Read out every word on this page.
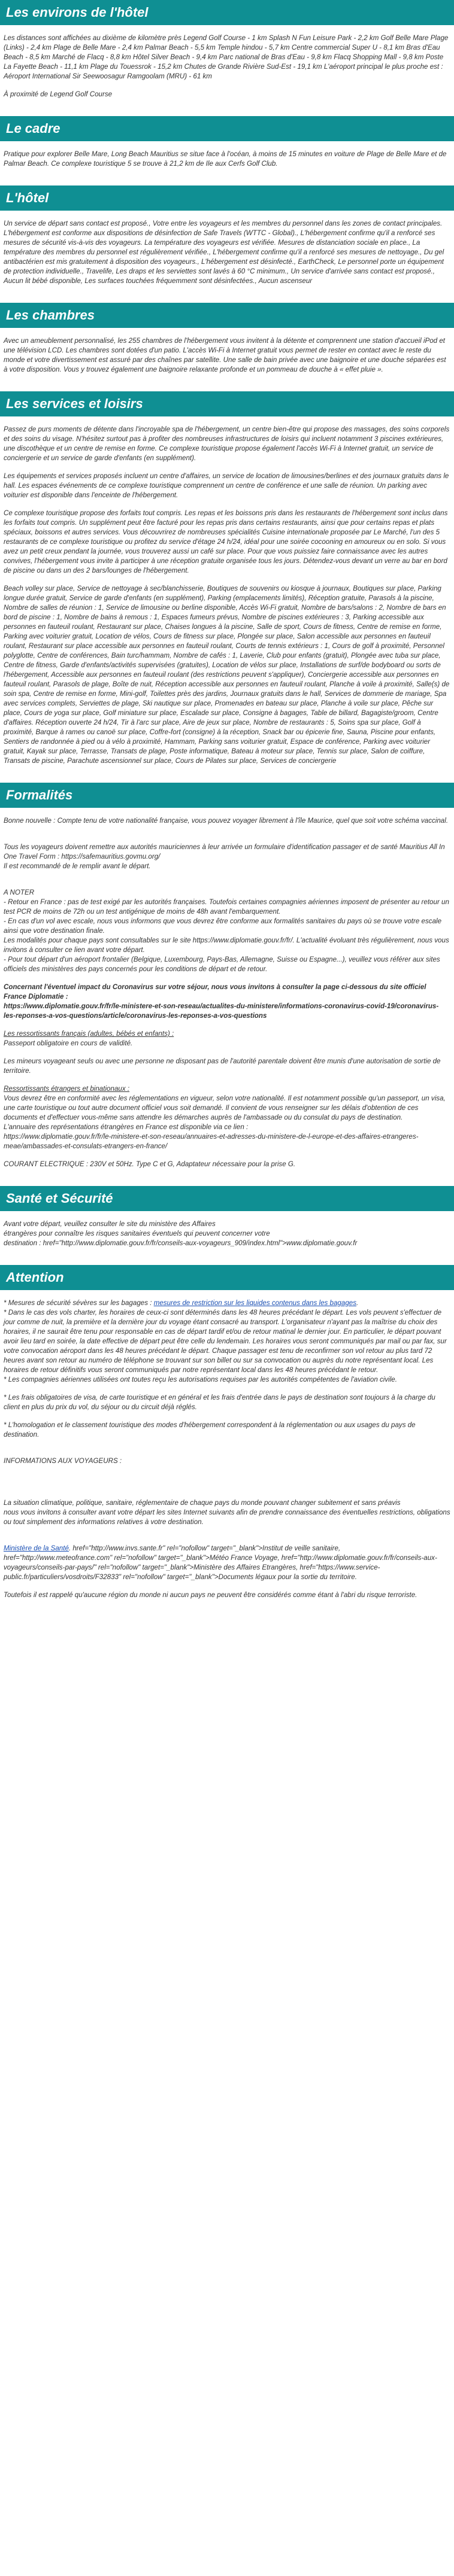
Les environs de l'hôtel

Les distances sont affichées au dixième de kilomètre près Legend Golf Course - 1 km Splash N Fun Leisure Park - 2,2 km Golf Belle Mare Plage (Links) - 2,4 km Plage de Belle Mare - 2,4 km Palmar Beach - 5,5 km Temple hindou - 5,7 km Centre commercial Super U - 8,1 km Bras d'Eau Beach - 8,5 km Marché de Flacq - 8,8 km Hôtel Silver Beach - 9,4 km Parc national de Bras d'Eau - 9,8 km Flacq Shopping Mall - 9,8 km Poste La Fayette Beach - 11,1 km Plage du Touessrok - 15,2 km Chutes de Grande Rivière Sud-Est - 19,1 km L'aéroport principal le plus proche est : Aéroport International Sir Seewoosagur Ramgoolam (MRU) - 61 km

À proximité de Legend Golf Course

Le cadre

Pratique pour explorer Belle Mare, Long Beach Mauritius se situe face à l'océan, à moins de 15 minutes en voiture de Plage de Belle Mare et de Palmar Beach. Ce complexe touristique 5 se trouve à 21,2 km de Ile aux Cerfs Golf Club.

L'hôtel

Un service de départ sans contact est proposé., Votre entre les voyageurs et les membres du personnel dans les zones de contact principales. L'hébergement est conforme aux dispositions de désinfection de Safe Travels (WTTC - Global)., L'hébergement confirme qu'il a renforcé ses mesures de sécurité vis-à-vis des voyageurs. La température des voyageurs est vérifiée. Mesures de distanciation sociale en place., La température des membres du personnel est régulièrement vérifiée., L'hébergement confirme qu'il a renforcé ses mesures de nettoyage., Du gel antibactérien est mis gratuitement à disposition des voyageurs., L'hébergement est désinfecté., EarthCheck, Le personnel porte un équipement de protection individuelle., Travelife, Les draps et les serviettes sont lavés à 60 °C minimum., Un service d'arrivée sans contact est proposé., Aucun lit bébé disponible, Les surfaces touchées fréquemment sont désinfectées., Aucun ascenseur

Les chambres

Avec un ameublement personnalisé, les 255 chambres de l'hébergement vous invitent à la détente et comprennent une station d'accueil iPod et une télévision LCD. Les chambres sont dotées d'un patio. L'accès Wi-Fi à Internet gratuit vous permet de rester en contact avec le reste du monde et votre divertissement est assuré par des chaînes par satellite. Une salle de bain privée avec une baignoire et une douche séparées est à votre disposition. Vous y trouvez également une baignoire relaxante profonde et un pommeau de douche à « effet pluie ».

Les services et loisirs

Passez de purs moments de détente dans l'incroyable spa de l'hébergement, un centre bien-être qui propose des massages, des soins corporels et des soins du visage. N'hésitez surtout pas à profiter des nombreuses infrastructures de loisirs qui incluent notamment 3 piscines extérieures, une discothèque et un centre de remise en forme. Ce complexe touristique propose également l'accès Wi-Fi à Internet gratuit, un service de conciergerie et un service de garde d'enfants (en supplément).

Les équipements et services proposés incluent un centre d'affaires, un service de location de limousines/berlines et des journaux gratuits dans le hall. Les espaces événements de ce complexe touristique comprennent un centre de conférence et une salle de réunion. Un parking avec voiturier est disponible dans l'enceinte de l'hébergement.

Ce complexe touristique propose des forfaits tout compris. Les repas et les boissons pris dans les restaurants de l'hébergement sont inclus dans les forfaits tout compris. Un supplément peut être facturé pour les repas pris dans certains restaurants, ainsi que pour certains repas et plats spéciaux, boissons et autres services. Vous découvrirez de nombreuses spécialités Cuisine internationale proposée par Le Marché, l'un des 5 restaurants de ce complexe touristique ou profitez du service d'étage 24 h/24, idéal pour une soirée cocooning en amoureux ou en solo. Si vous avez un petit creux pendant la journée, vous trouverez aussi un café sur place. Pour que vous puissiez faire connaissance avec les autres convives, l'hébergement vous invite à participer à une réception gratuite organisée tous les jours. Détendez-vous devant un verre au bar en bord de piscine ou dans un des 2 bars/lounges de l'hébergement.

Beach volley sur place, Service de nettoyage à sec/blanchisserie, Boutiques de souvenirs ou kiosque à journaux, Boutiques sur place, Parking longue durée gratuit, Service de garde d'enfants (en supplément), Parking (emplacements limités), Réception gratuite, Parasols à la piscine, Nombre de salles de réunion : 1, Service de limousine ou berline disponible, Accès Wi-Fi gratuit, Nombre de bars/salons : 2, Nombre de bars en bord de piscine : 1, Nombre de bains à remous : 1, Espaces fumeurs prévus, Nombre de piscines extérieures : 3, Parking accessible aux personnes en fauteuil roulant, Restaurant sur place, Chaises longues à la piscine, Salle de sport, Cours de fitness, Centre de remise en forme, Parking avec voiturier gratuit, Location de vélos, Cours de fitness sur place, Plongée sur place, Salon accessible aux personnes en fauteuil roulant, Restaurant sur place accessible aux personnes en fauteuil roulant, Courts de tennis extérieurs : 1, Cours de golf à proximité, Personnel polyglotte, Centre de conférences, Bain turc/hammam, Nombre de cafés : 1, Laverie, Club pour enfants (gratuit), Plongée avec tuba sur place, Centre de fitness, Garde d'enfants/activités supervisées (gratuites), Location de vélos sur place, Installations de surf/de bodyboard ou sorts de l'hébergement, Accessible aux personnes en fauteuil roulant (des restrictions peuvent s'appliquer), Conciergerie accessible aux personnes en fauteuil roulant, Parasols de plage, Boîte de nuit, Réception accessible aux personnes en fauteuil roulant, Planche à voile à proximité, Salle(s) de soin spa, Centre de remise en forme, Mini-golf, Toilettes près des jardins, Journaux gratuits dans le hall, Services de dommerie de mariage, Spa avec services complets, Serviettes de plage, Ski nautique sur place, Promenades en bateau sur place, Planche à voile sur place, Pêche sur place, Cours de yoga sur place, Golf miniature sur place, Escalade sur place, Consigne à bagages, Table de billard, Bagagiste/groom, Centre d'affaires. Réception ouverte 24 h/24, Tir à l'arc sur place, Aire de jeux sur place, Nombre de restaurants : 5, Soins spa sur place, Golf à proximité, Barque à rames ou canoë sur place, Coffre-fort (consigne) à la réception, Snack bar ou épicerie fine, Sauna, Piscine pour enfants, Sentiers de randonnée à pied ou à vélo à proximité, Hammam, Parking sans voiturier gratuit, Espace de conférence, Parking avec voiturier gratuit, Kayak sur place, Terrasse, Transats de plage, Poste informatique, Bateau à moteur sur place, Tennis sur place, Salon de coiffure, Transats de piscine, Parachute ascensionnel sur place, Cours de Pilates sur place, Services de conciergerie

Formalités

Bonne nouvelle : Compte tenu de votre nationalité française, vous pouvez voyager librement à l'île Maurice, quel que soit votre schéma vaccinal.

Tous les voyageurs doivent remettre aux autorités mauriciennes à leur arrivée un formulaire d'identification passager et de santé Mauritius All In One Travel Form : https://safemauritius.govmu.org/

Il est recommandé de le remplir avant le départ.

A NOTER
- Retour en France : pas de test exigé par les autorités françaises. Toutefois certaines compagnies aériennes imposent de présenter au retour un test PCR de moins de 72h ou un test antigénique de moins de 48h avant l'embarquement.
- En cas d'un vol avec escale, nous vous informons que vous devrez être conforme aux formalités sanitaires du pays où se trouve votre escale ainsi que votre destination finale.
Les modalités pour chaque pays sont consultables sur le site https://www.diplomatie.gouv.fr/fr/. L'actualité évoluant très régulièrement, nous vous invitons à consulter ce lien avant votre départ.

- Pour tout départ d'un aéroport frontalier (Belgique, Luxembourg, Pays-Bas, Allemagne, Suisse ou Espagne...), veuillez vous référer aux sites officiels des ministères des pays concernés pour les conditions de départ et de retour.

Concernant l'éventuel impact du Coronavirus sur votre séjour, nous vous invitons à consulter la page ci-dessous du site officiel France Diplomatie :

https://www.diplomatie.gouv.fr/fr/le-ministere-et-son-reseau/actualites-du-ministere/informations-coronavirus-covid-19/coronavirus-les-reponses-a-vos-questions/article/coronavirus-les-reponses-a-vos-questions

Les ressortissants français (adultes, bébés et enfants) :

Passeport obligatoire en cours de validité.

Les mineurs voyageant seuls ou avec une personne ne disposant pas de l'autorité parentale doivent être munis d'une autorisation de sortie de territoire.

Ressortissants étrangers et binationaux :
Vous devrez être en conformité avec les réglementations en vigueur, selon votre nationalité. Il est notamment possible qu'un passeport, un visa, une carte touristique ou tout autre document officiel vous soit demandé. Il convient de vous renseigner sur les délais d'obtention de ces documents et d'effectuer vous-même sans attendre les démarches auprès de l'ambassade ou du consulat du pays de destination.
L'annuaire des représentations étrangères en France est disponible via ce lien :

https://www.diplomatie.gouv.fr/fr/le-ministere-et-son-reseau/annuaires-et-adresses-du-ministere-de-l-europe-et-des-affaires-etrangeres-meae/ambassades-et-consulats-etrangers-en-france/

COURANT ELECTRIQUE : 230V et 50Hz. Type C et G, Adaptateur nécessaire pour la prise G.

Santé et Sécurité
Avant votre départ, veuillez consulter le site du ministère des Affaires
étrangères pour connaître les risques sanitaires éventuels qui peuvent concerner votre

destination : href="http://www.diplomatie.gouv.fr/fr/conseils-aux-voyageurs_909/index.html">www.diplomatie.gouv.fr

Attention
* Mesures de sécurité sévères sur les bagages : mesures de restriction sur les liquides contenus dans les bagages.
* Dans le cas des vols charter, les horaires de ceux-ci sont déterminés dans les 48 heures précédant le départ. Les vols peuvent s'effectuer de jour comme de nuit, la première et la dernière jour du voyage étant consacré au transport. L'organisateur n'ayant pas la maîtrise du choix des horaires, il ne saurait être tenu pour responsable en cas de départ tardif et/ou de retour matinal le dernier jour. En particulier, le départ pouvant avoir lieu tard en soirée, la date effective de départ peut être celle du lendemain. Les horaires vous seront communiqués par mail ou par fax, sur votre convocation aéroport dans les 48 heures précédant le départ. Chaque passager est tenu de reconfirmer son vol retour au plus tard 72 heures avant son retour au numéro de téléphone se trouvant sur son billet ou sur sa convocation ou auprès du notre représentant local. Les horaires de retour définitifs vous seront communiqués par notre représentant local dans les 48 heures précédant le retour.

* Les compagnies aériennes utilisées ont toutes reçu les autorisations requises par les autorités compétentes de l'aviation civile.

* Les frais obligatoires de visa, de carte touristique et en général et les frais d'entrée dans le pays de destination sont toujours à la charge du client en plus du prix du vol, du séjour ou du circuit déjà réglés.

* L'homologation et le classement touristique des modes d'hébergement correspondent à la réglementation ou aux usages du pays de destination.

INFORMATIONS AUX VOYAGEURS :

La situation climatique, politique, sanitaire, réglementaire de chaque pays du monde pouvant changer subitement et sans préavis

nous vous invitons à consulter avant votre départ les sites Internet suivants afin de prendre connaissance des éventuelles restrictions, obligations ou tout simplement des informations relatives à votre destination.

Ministère de la Santé. href="http://www.invs.sante.fr" rel="nofollow" target="_blank">Institut de veille sanitaire, href="http://www.meteofrance.com" rel="nofollow" target="_blank">Météo France Voyage, href="http://www.diplomatie.gouv.fr/fr/conseils-aux-voyageurs/conseils-par-pays/" rel="nofollow" target="_blank">Ministère des Affaires Etrangères, href="https://www.service-public.fr/particuliers/vosdroits/F32833" rel="nofollow" target="_blank">Documents légaux pour la sortie du territoire.

Toutefois il est rappelé qu'aucune région du monde ni aucun pays ne peuvent être considérés comme étant à l'abri du risque terroriste.
